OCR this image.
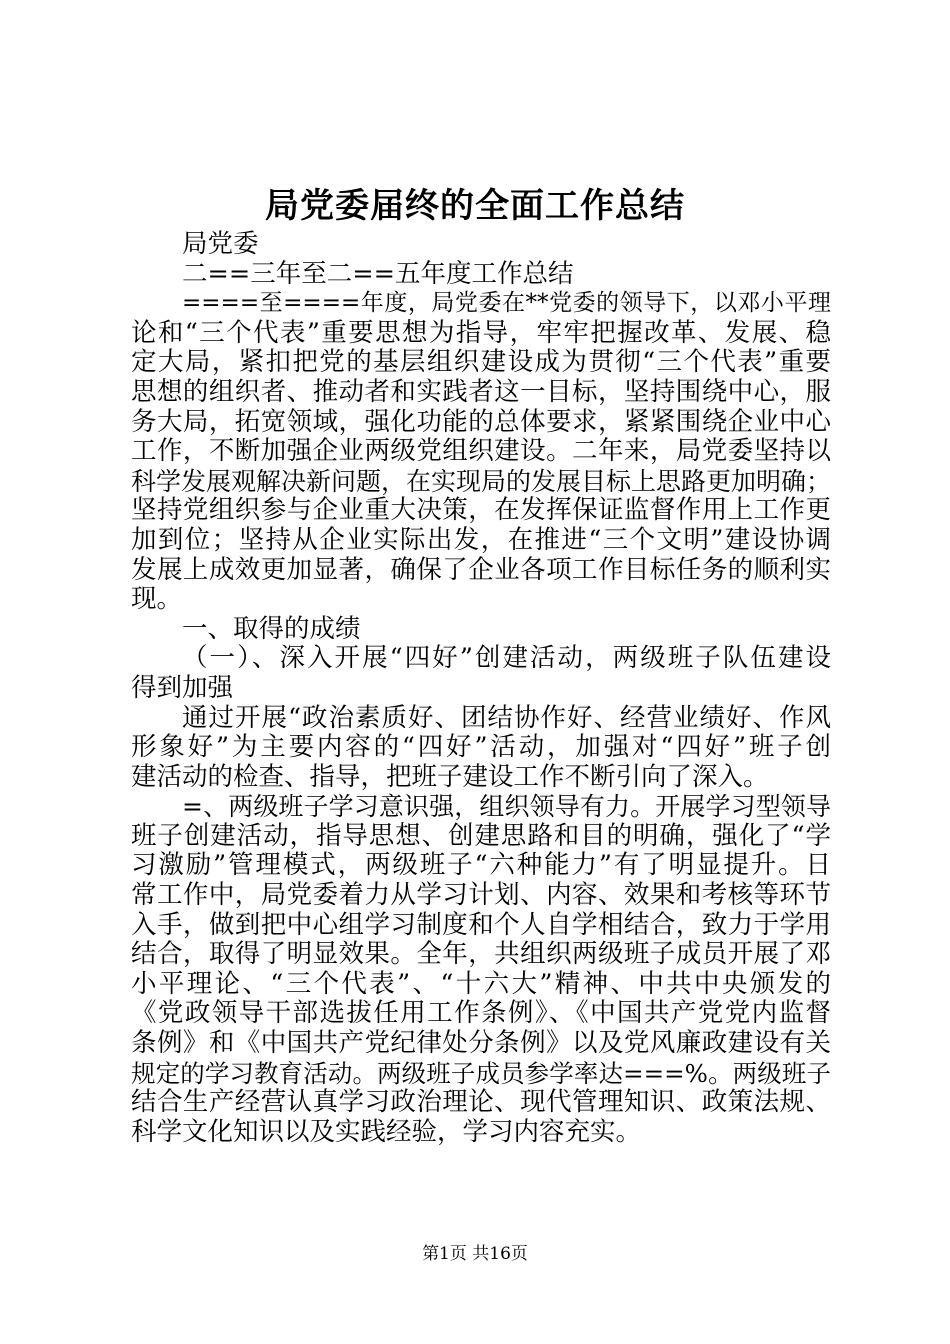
局党委届终的全面工作总结
局党委
二==三年至二==五年度工作总结
====至====年度，局党委在**党委的领导下，以邓小平理
论和“三个代表”重要思想为指导，牢牢把握改革、发展、稳
定大局，紧扣把党的基层组织建设成为贯彻“三个代表”重要
思想的组织者、推动者和实践者这一目标，坚持围绕中心，服
务大局，拓宽领域，强化功能的总体要求，紧紧围绕企业中心
工作，不断加强企业两级党组织建设。二年来，局党委坚持以
科学发展观解决新问题，在实现局的发展目标上思路更加明确；
坚持党组织参与企业重大决策，在发挥保证监督作用上工作更
加到位；坚持从企业实际出发，在推进“三个文明”建设协调
发展上成效更加显著，确保了企业各项工作目标任务的顺利实
现。
一、取得的成绩
（一）、深入开展“四好”创建活动，两级班子队伍建设
得到加强
通过开展“政治素质好、团结协作好、经营业绩好、作风
形象好”为主要内容的“四好”活动，加强对“四好”班子创
建活动的检查、指导，把班子建设工作不断引向了深入。
=、两级班子学习意识强，组织领导有力。开展学习型领导
班子创建活动，指导思想、创建思路和目的明确，强化了“学
习激励”管理模式，两级班子“六种能力”有了明显提升。日
常工作中，局党委着力从学习计划、内容、效果和考核等环节
入手，做到把中心组学习制度和个人自学相结合，致力于学用
结合，取得了明显效果。全年，共组织两级班子成员开展了邓
小平理论、“三个代表”、“十六大”精神、中共中央颁发的
《党政领导干部选拔任用工作条例》、《中国共产党党内监督
条例》和《中国共产党纪律处分条例》以及党风廉政建设有关
规定的学习教育活动。两级班子成员参学率达===%。两级班子
结合生产经营认真学习政治理论、现代管理知识、政策法规、
科学文化知识以及实践经验，学习内容充实。
第1页 共16页
